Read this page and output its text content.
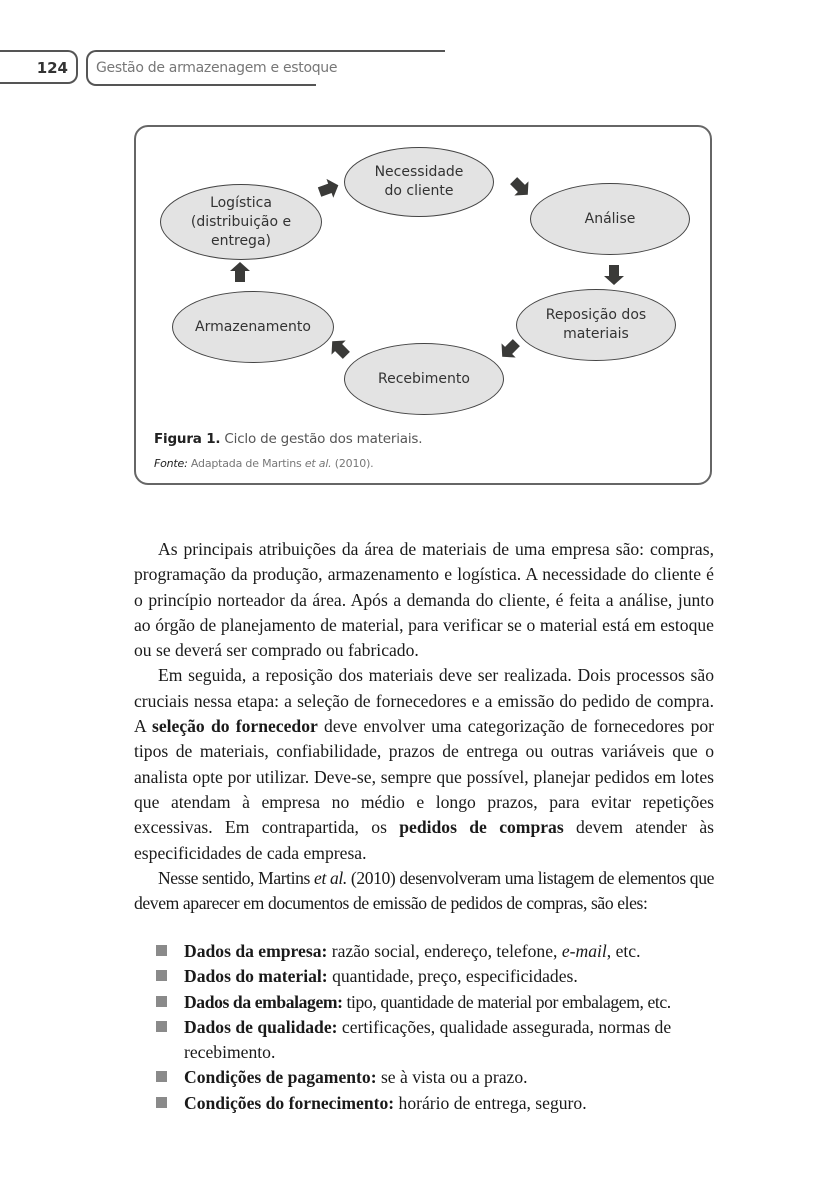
124 Gestão de armazenagem e estoque
Necessidade do cliente
Análise
Reposição dos materiais
Recebimento
Armazenamento
Logística (distribuição e entrega)
Figura 1. Ciclo de gestão dos materiais.
Fonte: Adaptada de Martins et al. (2010).

As principais atribuições da área de materiais de uma empresa são: compras, programação da produção, armazenamento e logística. A necessidade do cliente é o princípio norteador da área. Após a demanda do cliente, é feita a análise, junto ao órgão de planejamento de material, para verificar se o material está em estoque ou se deverá ser comprado ou fabricado.

Em seguida, a reposição dos materiais deve ser realizada. Dois processos são cruciais nessa etapa: a seleção de fornecedores e a emissão do pedido de compra. A seleção do fornecedor deve envolver uma categorização de fornecedores por tipos de materiais, confiabilidade, prazos de entrega ou outras variáveis que o analista opte por utilizar. Deve-se, sempre que possível, planejar pedidos em lotes que atendam à empresa no médio e longo prazos, para evitar repetições excessivas. Em contrapartida, os pedidos de compras devem atender às especificidades de cada empresa.

Nesse sentido, Martins et al. (2010) desenvolveram uma listagem de elementos que devem aparecer em documentos de emissão de pedidos de compras, são eles:

Dados da empresa: razão social, endereço, telefone, e-mail, etc.
Dados do material: quantidade, preço, especificidades.
Dados da embalagem: tipo, quantidade de material por embalagem, etc.
Dados de qualidade: certificações, qualidade assegurada, normas de recebimento.
Condições de pagamento: se à vista ou a prazo.
Condições do fornecimento: horário de entrega, seguro.
